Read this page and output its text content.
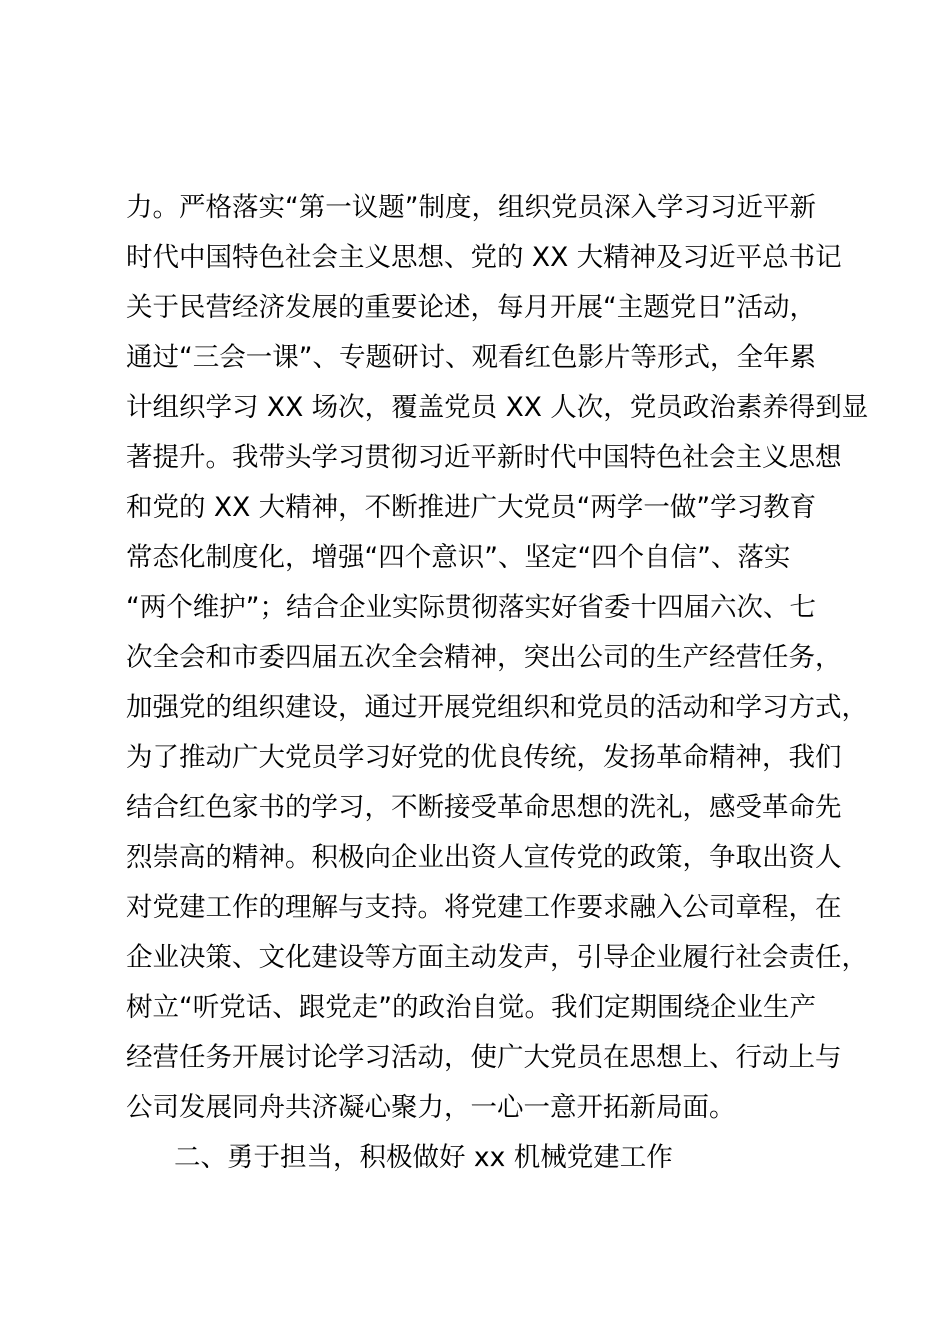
力。严格落实“第一议题”制度，组织党员深入学习习近平新
时代中国特色社会主义思想、党的 XX 大精神及习近平总书记
关于民营经济发展的重要论述，每月开展“主题党日”活动，
通过“三会一课”、专题研讨、观看红色影片等形式，全年累
计组织学习 XX 场次，覆盖党员 XX 人次，党员政治素养得到显
著提升。我带头学习贯彻习近平新时代中国特色社会主义思想
和党的 XX 大精神，不断推进广大党员“两学一做”学习教育
常态化制度化，增强“四个意识”、坚定“四个自信”、落实
“两个维护”；结合企业实际贯彻落实好省委十四届六次、七
次全会和市委四届五次全会精神，突出公司的生产经营任务，
加强党的组织建设，通过开展党组织和党员的活动和学习方式，
为了推动广大党员学习好党的优良传统，发扬革命精神，我们
结合红色家书的学习，不断接受革命思想的洗礼，感受革命先
烈崇高的精神。积极向企业出资人宣传党的政策，争取出资人
对党建工作的理解与支持。将党建工作要求融入公司章程，在
企业决策、文化建设等方面主动发声，引导企业履行社会责任，
树立“听党话、跟党走”的政治自觉。我们定期围绕企业生产
经营任务开展讨论学习活动，使广大党员在思想上、行动上与
公司发展同舟共济凝心聚力，一心一意开拓新局面。
二、勇于担当，积极做好 xx 机械党建工作
